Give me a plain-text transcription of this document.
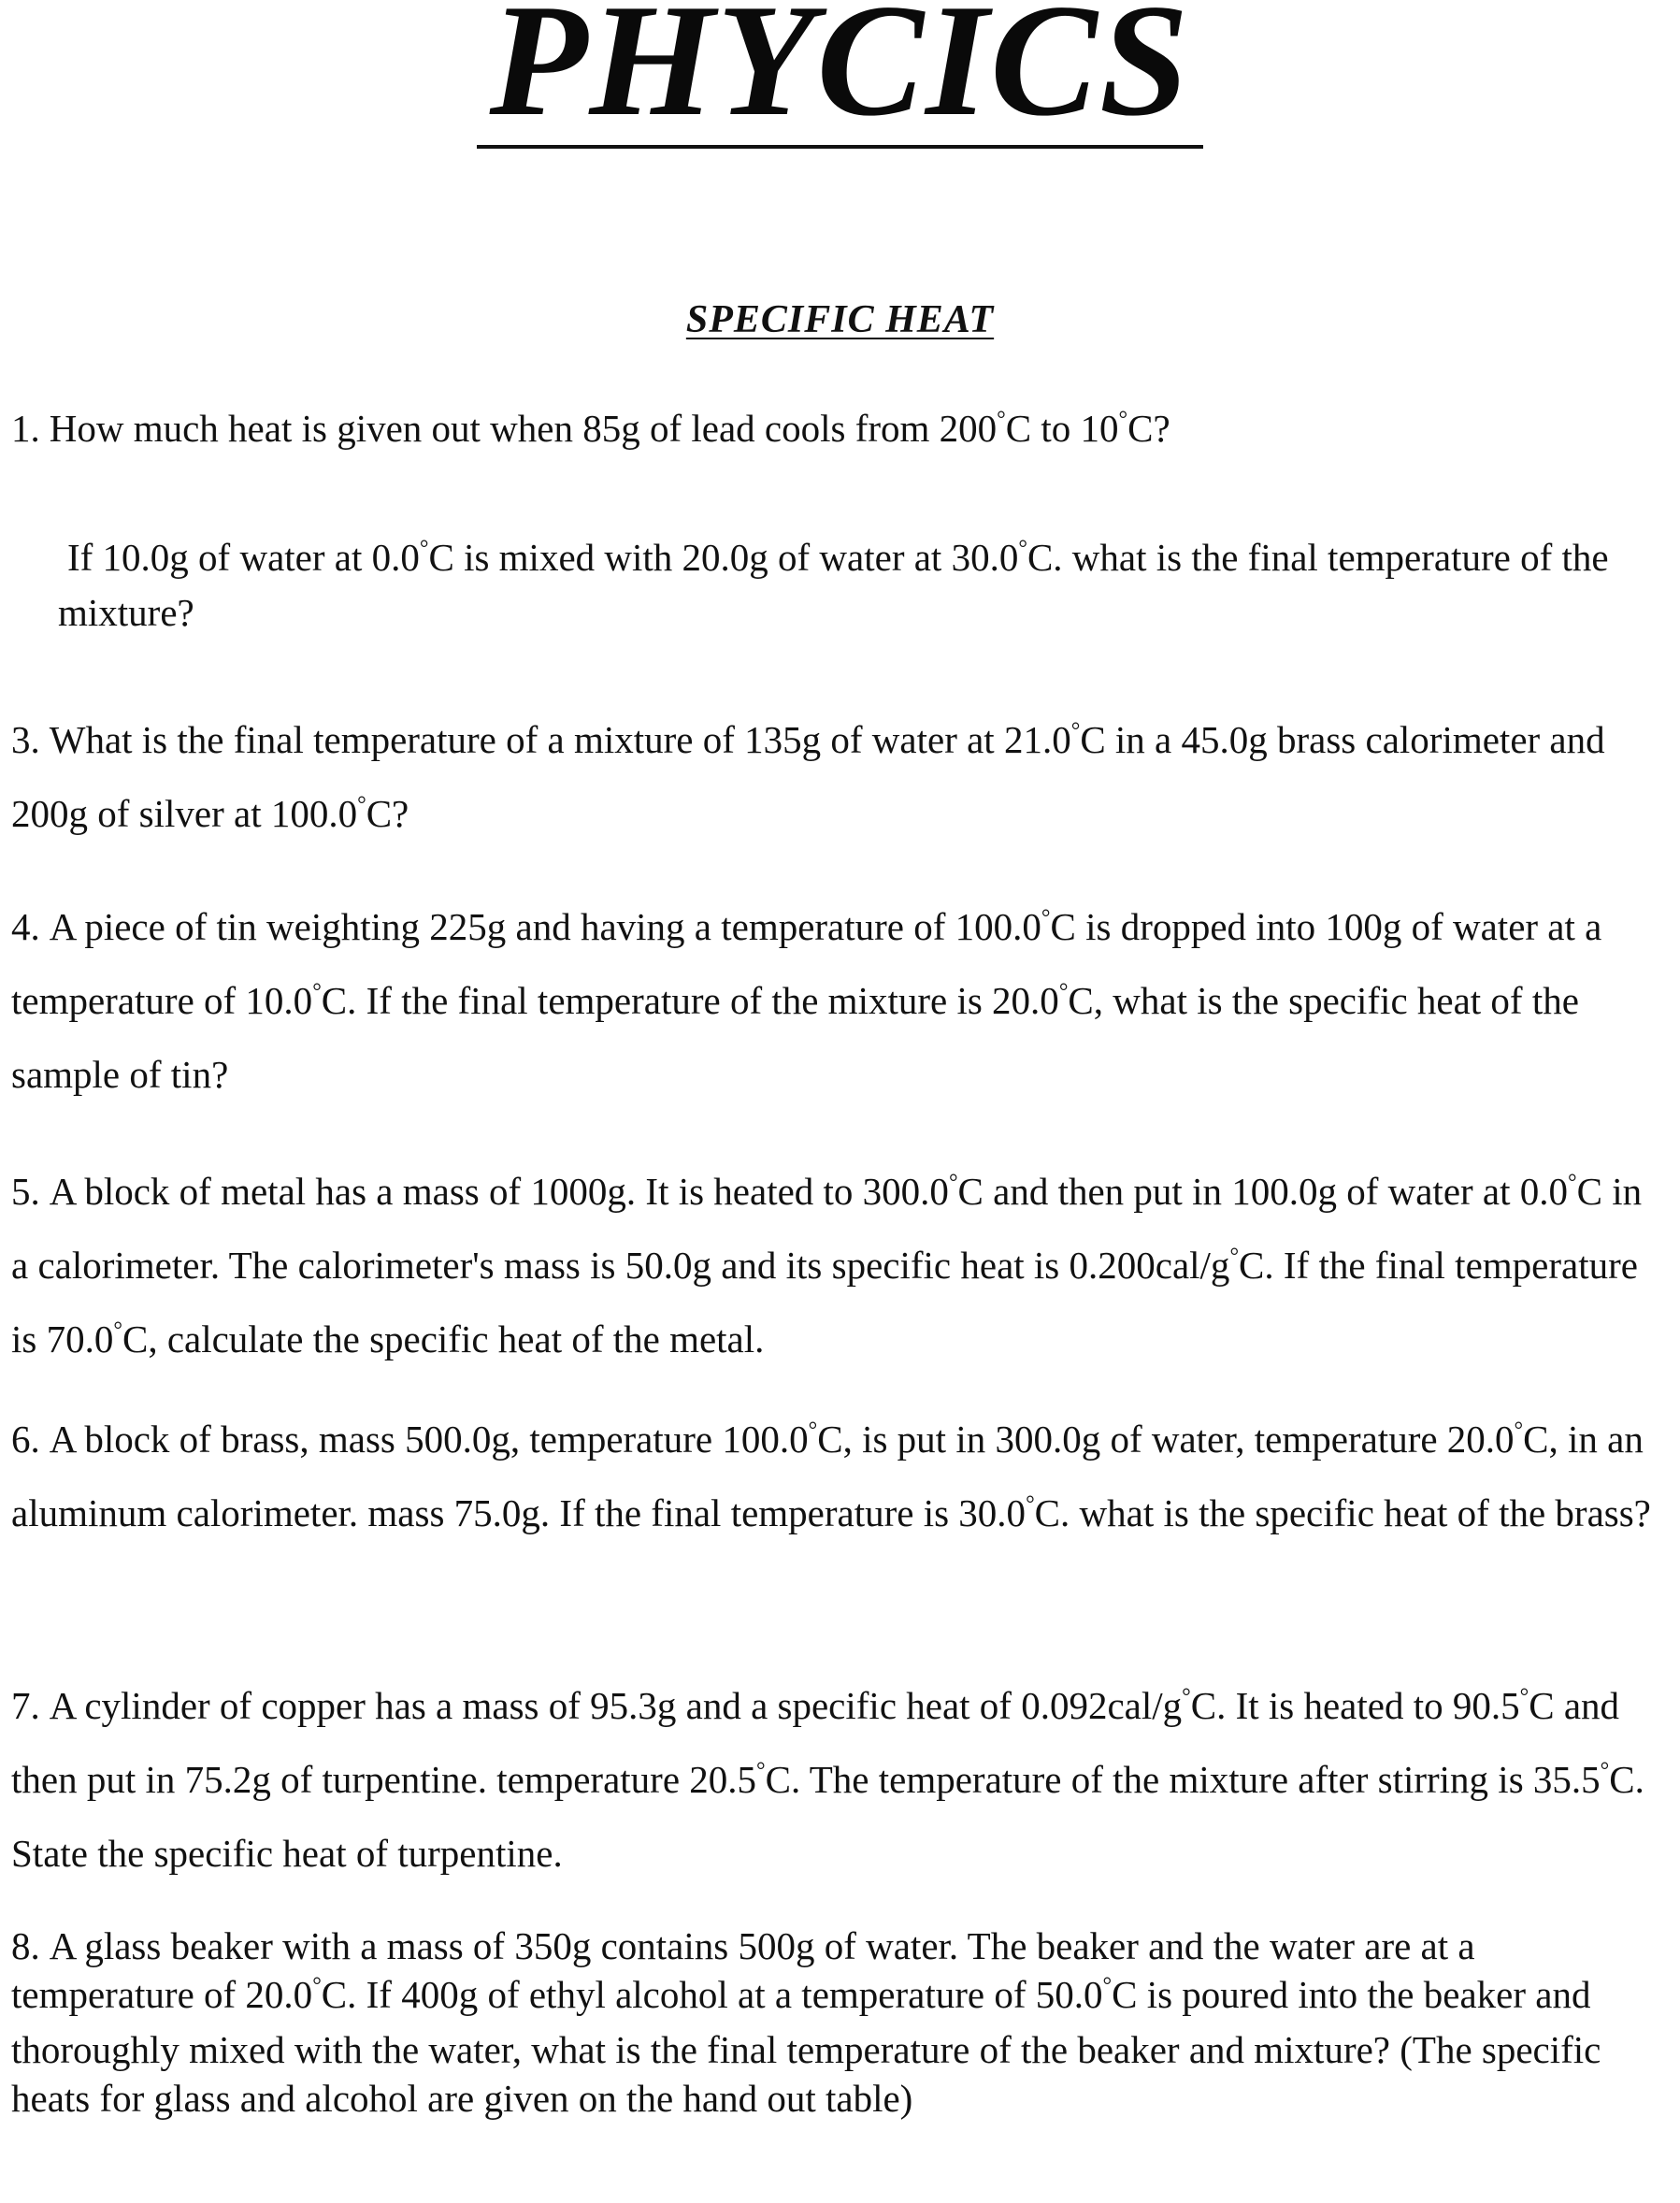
PHYCICS
SPECIFIC HEAT

1. How much heat is given out when 85g of lead cools from 200°C to 10°C?

If 10.0g of water at 0.0°C is mixed with 20.0g of water at 30.0°C. what is the final temperature of the mixture?

3. What is the final temperature of a mixture of 135g of water at 21.0°C in a 45.0g brass calorimeter and 200g of silver at 100.0°C?

4. A piece of tin weighting 225g and having a temperature of 100.0°C is dropped into 100g of water at a temperature of 10.0°C. If the final temperature of the mixture is 20.0°C, what is the specific heat of the sample of tin?

5. A block of metal has a mass of 1000g. It is heated to 300.0°C and then put in 100.0g of water at 0.0°C in a calorimeter. The calorimeter's mass is 50.0g and its specific heat is 0.200cal/g°C. If the final temperature is 70.0°C, calculate the specific heat of the metal.

6. A block of brass, mass 500.0g, temperature 100.0°C, is put in 300.0g of water, temperature 20.0°C, in an aluminum calorimeter. mass 75.0g. If the final temperature is 30.0°C. what is the specific heat of the brass?

7. A cylinder of copper has a mass of 95.3g and a specific heat of 0.092cal/g°C. It is heated to 90.5°C and then put in 75.2g of turpentine. temperature 20.5°C. The temperature of the mixture after stirring is 35.5°C. State the specific heat of turpentine.

8. A glass beaker with a mass of 350g contains 500g of water. The beaker and the water are at a temperature of 20.0°C. If 400g of ethyl alcohol at a temperature of 50.0°C is poured into the beaker and thoroughly mixed with the water, what is the final temperature of the beaker and mixture? (The specific heats for glass and alcohol are given on the hand out table)
